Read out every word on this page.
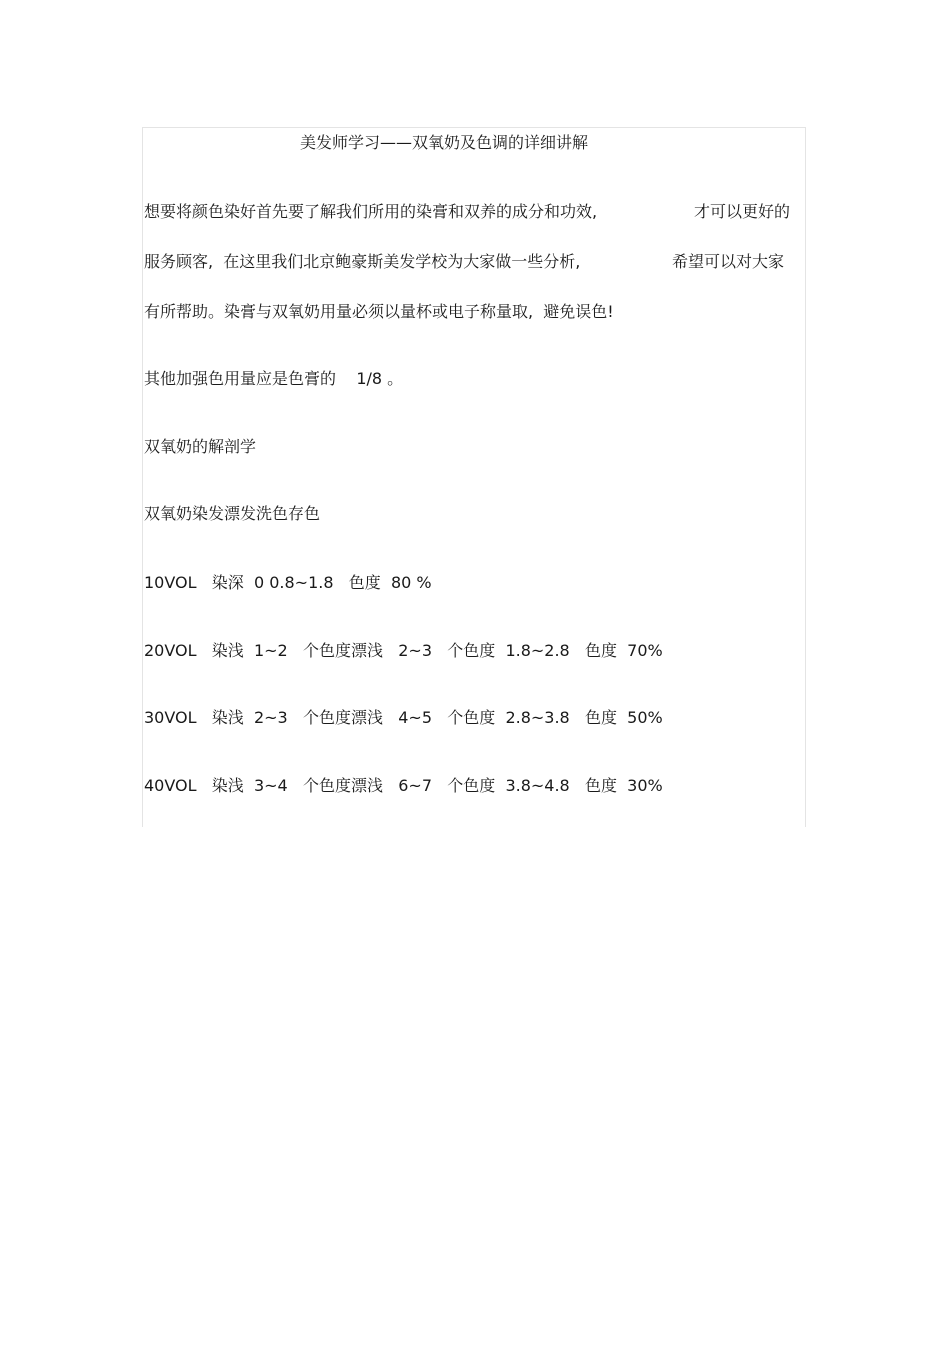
美发师学习——双氧奶及色调的详细讲解
想要将颜色染好首先要了解我们所用的染膏和双养的成分和功效,	才可以更好的
服务顾客,  在这里我们北京鲍豪斯美发学校为大家做一些分析,	希望可以对大家
有所帮助。染膏与双氧奶用量必须以量杯或电子称量取,  避免误色!
其他加强色用量应是色膏的    1/8 。
双氧奶的解剖学
双氧奶染发漂发洗色存色
10VOL   染深  0 0.8~1.8   色度  80 %
20VOL   染浅  1~2   个色度漂浅   2~3   个色度  1.8~2.8   色度  70%
30VOL   染浅  2~3   个色度漂浅   4~5   个色度  2.8~3.8   色度  50%
40VOL   染浅  3~4   个色度漂浅   6~7   个色度  3.8~4.8   色度  30%
